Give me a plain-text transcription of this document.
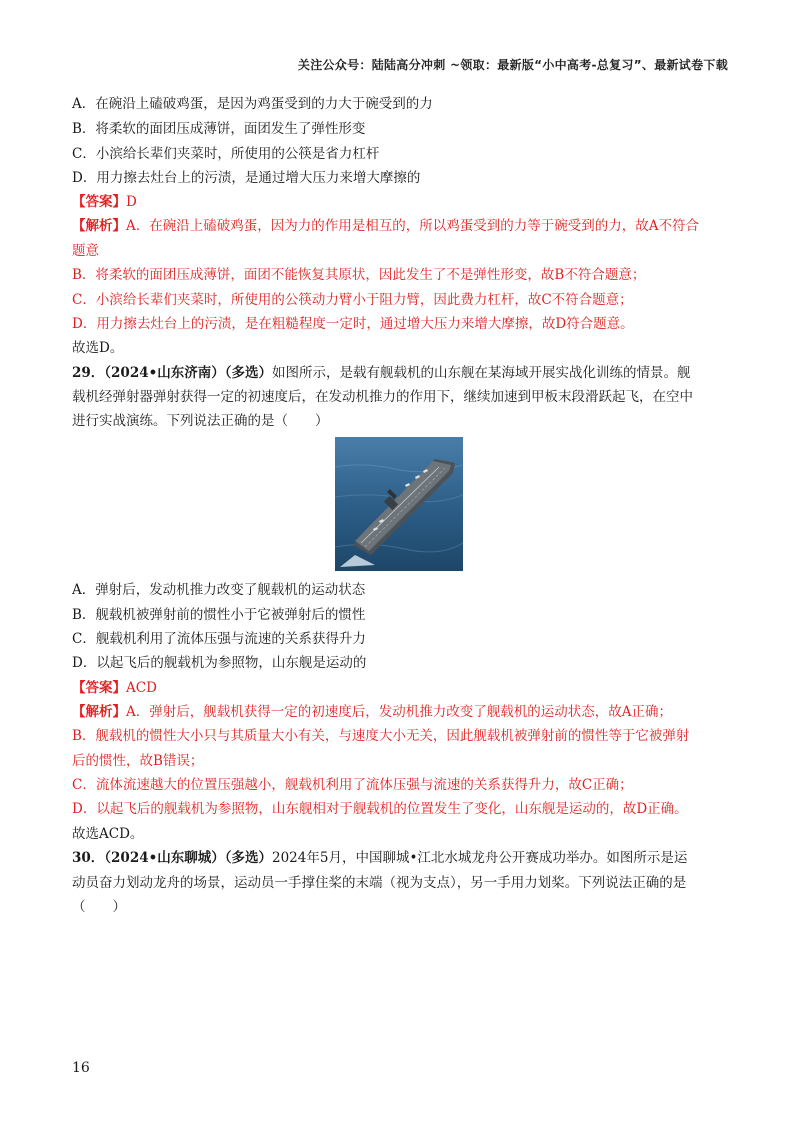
关注公众号：陆陆高分冲刺 ~领取：最新版“小中高考-总复习”、最新试卷下载
A．在碗沿上磕破鸡蛋，是因为鸡蛋受到的力大于碗受到的力
B．将柔软的面团压成薄饼，面团发生了弹性形变
C．小滨给长辈们夹菜时，所使用的公筷是省力杠杆
D．用力擦去灶台上的污渍，是通过增大压力来增大摩擦的
【答案】D
【解析】A．在碗沿上磕破鸡蛋，因为力的作用是相互的，所以鸡蛋受到的力等于碗受到的力，故A不符合
题意
B．将柔软的面团压成薄饼，面团不能恢复其原状，因此发生了不是弹性形变，故B不符合题意；
C．小滨给长辈们夹菜时，所使用的公筷动力臂小于阻力臂，因此费力杠杆，故C不符合题意；
D．用力擦去灶台上的污渍，是在粗糙程度一定时，通过增大压力来增大摩擦，故D符合题意。
故选D。
29．（2024•山东济南）（多选）如图所示，是载有舰载机的山东舰在某海域开展实战化训练的情景。舰
载机经弹射器弹射获得一定的初速度后，在发动机推力的作用下，继续加速到甲板末段滑跃起飞，在空中
进行实战演练。下列说法正确的是（　　）
A．弹射后，发动机推力改变了舰载机的运动状态
B．舰载机被弹射前的惯性小于它被弹射后的惯性
C．舰载机利用了流体压强与流速的关系获得升力
D．以起飞后的舰载机为参照物，山东舰是运动的
【答案】ACD
【解析】A．弹射后，舰载机获得一定的初速度后，发动机推力改变了舰载机的运动状态，故A正确；
B．舰载机的惯性大小只与其质量大小有关，与速度大小无关，因此舰载机被弹射前的惯性等于它被弹射
后的惯性，故B错误；
C．流体流速越大的位置压强越小，舰载机利用了流体压强与流速的关系获得升力，故C正确；
D．以起飞后的舰载机为参照物，山东舰相对于舰载机的位置发生了变化，山东舰是运动的，故D正确。
故选ACD。
30．（2024•山东聊城）（多选）2024年5月，中国聊城•江北水城龙舟公开赛成功举办。如图所示是运
动员奋力划动龙舟的场景，运动员一手撑住桨的末端（视为支点），另一手用力划桨。下列说法正确的是
（　　）
16
